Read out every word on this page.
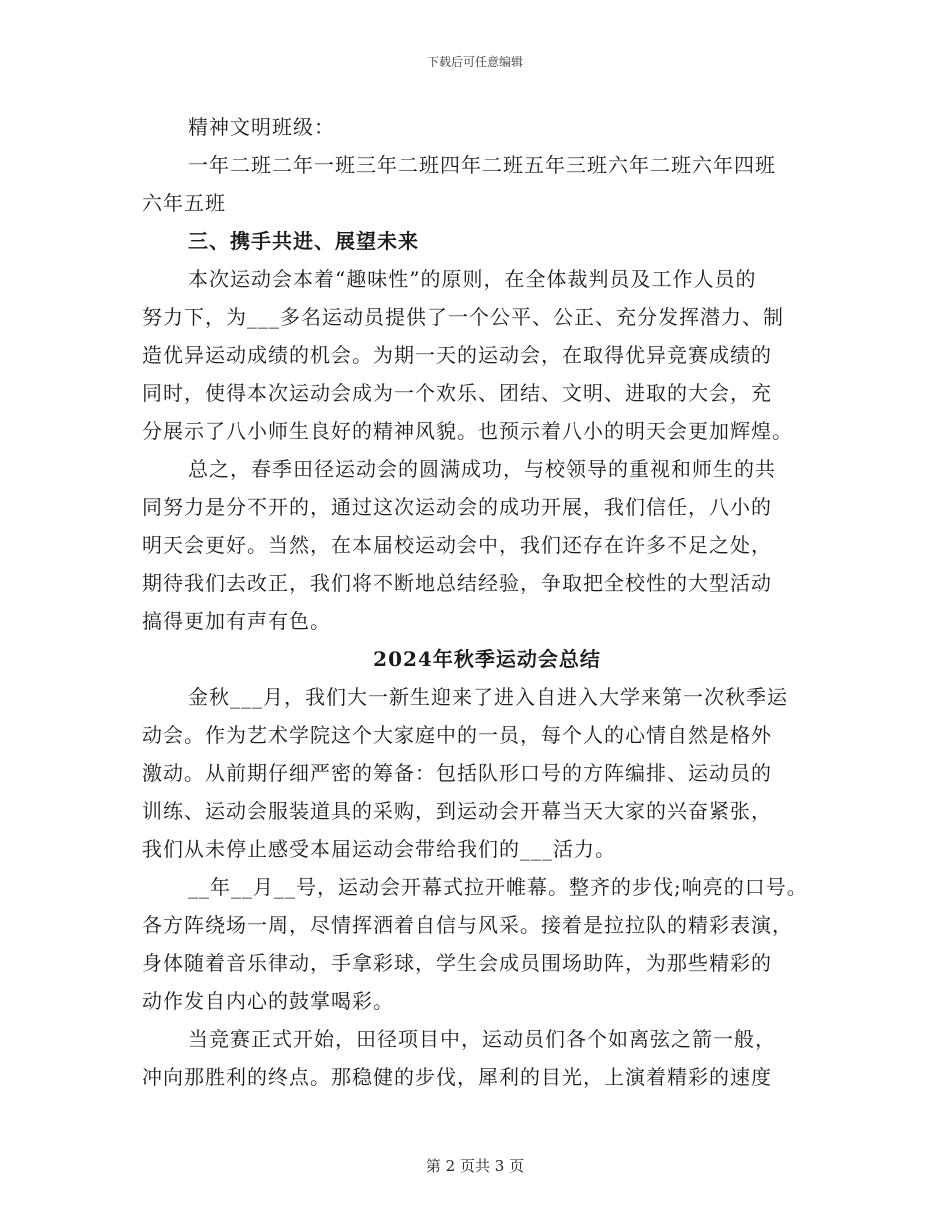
下载后可任意编辑
精神文明班级：
一年二班二年一班三年二班四年二班五年三班六年二班六年四班
六年五班
三、携手共进、展望未来
本次运动会本着“趣味性”的原则，在全体裁判员及工作人员的
努力下，为___多名运动员提供了一个公平、公正、充分发挥潜力、制
造优异运动成绩的机会。为期一天的运动会，在取得优异竞赛成绩的
同时，使得本次运动会成为一个欢乐、团结、文明、进取的大会，充
分展示了八小师生良好的精神风貌。也预示着八小的明天会更加辉煌。
总之，春季田径运动会的圆满成功，与校领导的重视和师生的共
同努力是分不开的，通过这次运动会的成功开展，我们信任，八小的
明天会更好。当然，在本届校运动会中，我们还存在许多不足之处，
期待我们去改正，我们将不断地总结经验，争取把全校性的大型活动
搞得更加有声有色。
2024年秋季运动会总结
金秋___月，我们大一新生迎来了进入自进入大学来第一次秋季运
动会。作为艺术学院这个大家庭中的一员，每个人的心情自然是格外
激动。从前期仔细严密的筹备：包括队形口号的方阵编排、运动员的
训练、运动会服装道具的采购，到运动会开幕当天大家的兴奋紧张，
我们从未停止感受本届运动会带给我们的___活力。
__年__月__号，运动会开幕式拉开帷幕。整齐的步伐;响亮的口号。
各方阵绕场一周，尽情挥洒着自信与风采。接着是拉拉队的精彩表演，
身体随着音乐律动，手拿彩球，学生会成员围场助阵，为那些精彩的
动作发自内心的鼓掌喝彩。
当竞赛正式开始，田径项目中，运动员们各个如离弦之箭一般，
冲向那胜利的终点。那稳健的步伐，犀利的目光，上演着精彩的速度
第 2 页共 3 页
